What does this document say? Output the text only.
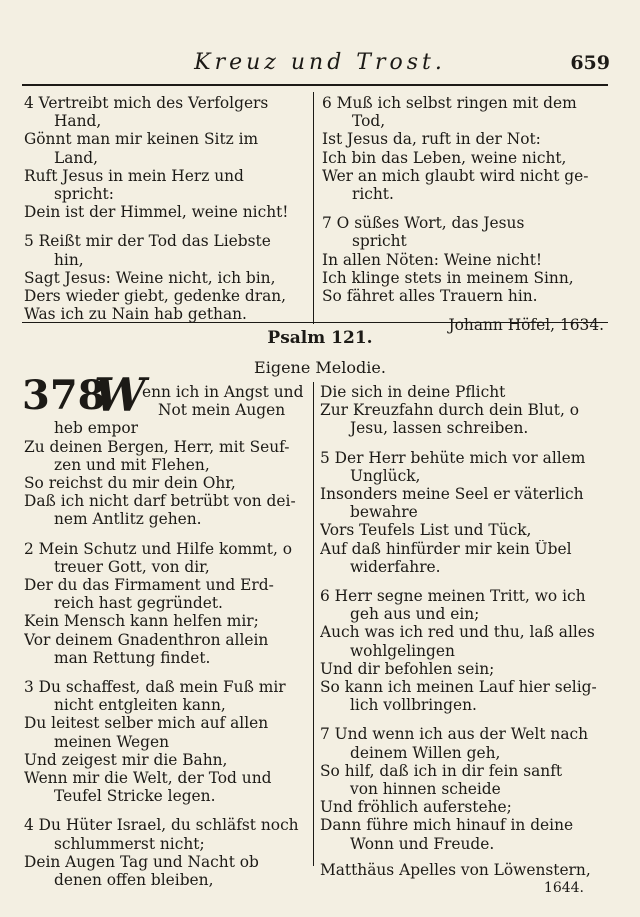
Kreuz und Trost.	659

4 Vertreibt mich des Verfolgers

Hand,

Gönnt man mir keinen Sitz im

Land,

Ruft Jesus in mein Herz und

spricht:

Dein ist der Himmel, weine nicht!

5 Reißt mir der Tod das Liebste

hin,

Sagt Jesus: Weine nicht, ich bin,

Ders wieder giebt, gedenke dran,

Was ich zu Nain hab gethan.

6 Muß ich selbst ringen mit dem

Tod,

Ist Jesus da, ruft in der Not:

Ich bin das Leben, weine nicht,

Wer an mich glaubt wird nicht ge-

richt.

7 O süßes Wort, das Jesus

spricht

In allen Nöten: Weine nicht!

Ich klinge stets in meinem Sinn,

So fähret alles Trauern hin.

Johann Höfel, 1634.

Psalm 121.
Eigene Melodie.
378
W

enn ich in Angst und

Not mein Augen

heb empor

Zu deinen Bergen, Herr, mit Seuf-

zen und mit Flehen,

So reichst du mir dein Ohr,

Daß ich nicht darf betrübt von dei-

nem Antlitz gehen.

2 Mein Schutz und Hilfe kommt, o

treuer Gott, von dir,

Der du das Firmament und Erd-

reich hast gegründet.

Kein Mensch kann helfen mir;

Vor deinem Gnadenthron allein

man Rettung findet.

3 Du schaffest, daß mein Fuß mir

nicht entgleiten kann,

Du leitest selber mich auf allen

meinen Wegen

Und zeigest mir die Bahn,

Wenn mir die Welt, der Tod und

Teufel Stricke legen.

4 Du Hüter Israel, du schläfst noch

schlummerst nicht;

Dein Augen Tag und Nacht ob

denen offen bleiben,

Die sich in deine Pflicht

Zur Kreuzfahn durch dein Blut, o

Jesu, lassen schreiben.

5 Der Herr behüte mich vor allem

Unglück,

Insonders meine Seel er väterlich

bewahre

Vors Teufels List und Tück,

Auf daß hinfürder mir kein Übel

widerfahre.

6 Herr segne meinen Tritt, wo ich

geh aus und ein;

Auch was ich red und thu, laß alles

wohlgelingen

Und dir befohlen sein;

So kann ich meinen Lauf hier selig-

lich vollbringen.

7 Und wenn ich aus der Welt nach

deinem Willen geh,

So hilf, daß ich in dir fein sanft

von hinnen scheide

Und fröhlich auferstehe;

Dann führe mich hinauf in deine

Wonn und Freude.

Matthäus Apelles von Löwenstern,

1644.
